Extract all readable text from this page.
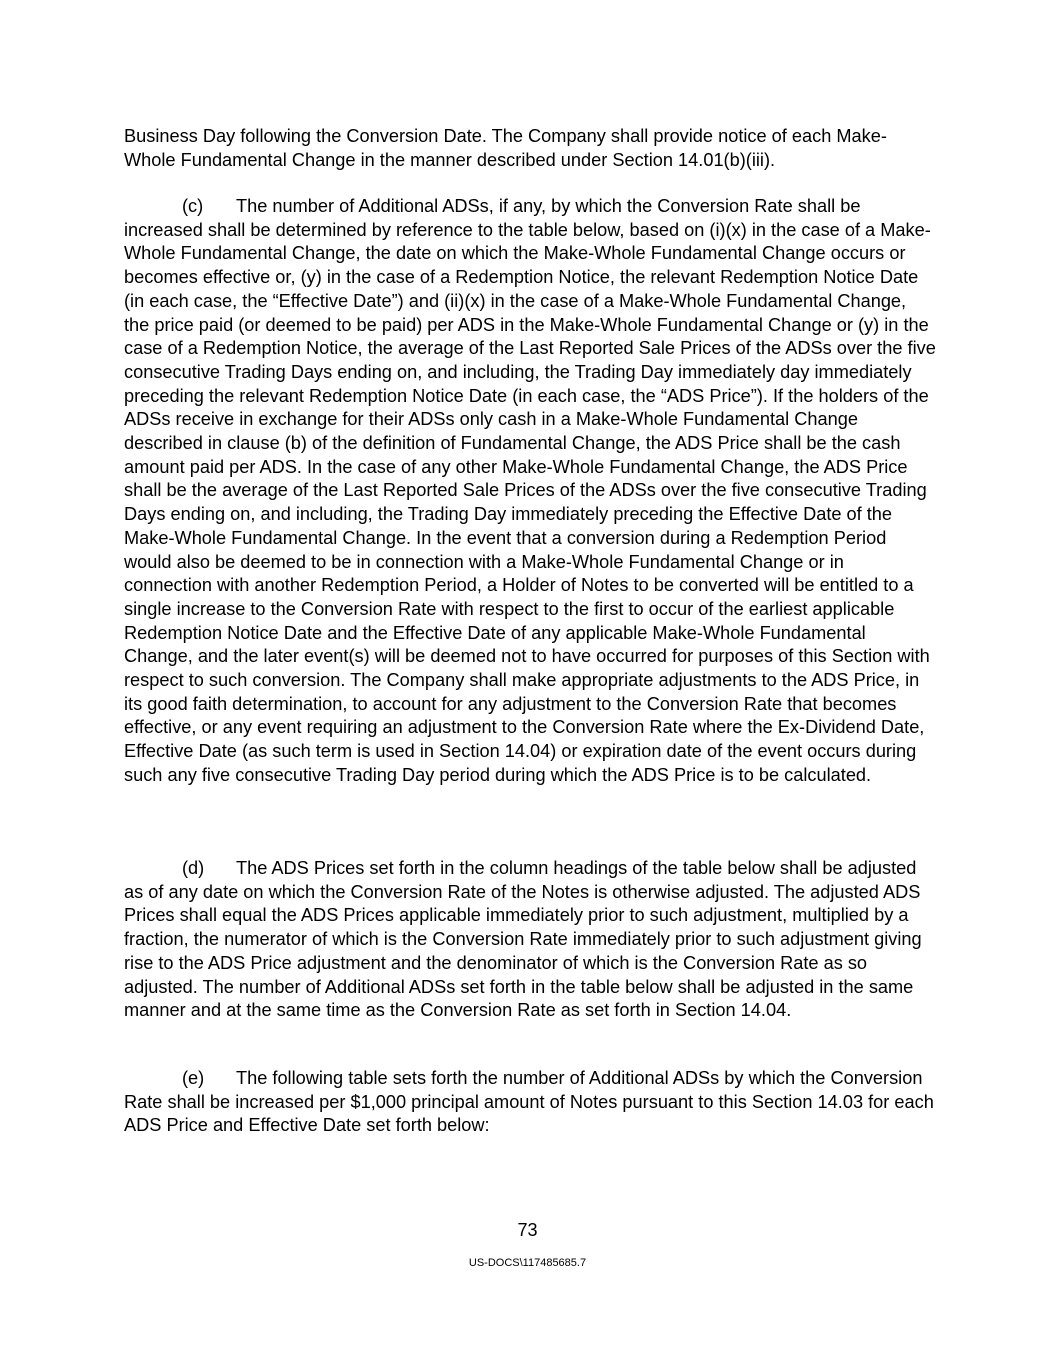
Business Day following the Conversion Date. The Company shall provide notice of each Make-Whole Fundamental Change in the manner described under Section 14.01(b)(iii).
(c) The number of Additional ADSs, if any, by which the Conversion Rate shall be increased shall be determined by reference to the table below, based on (i)(x) in the case of a Make-Whole Fundamental Change, the date on which the Make-Whole Fundamental Change occurs or becomes effective or, (y) in the case of a Redemption Notice, the relevant Redemption Notice Date (in each case, the “Effective Date”) and (ii)(x) in the case of a Make-Whole Fundamental Change, the price paid (or deemed to be paid) per ADS in the Make-Whole Fundamental Change or (y) in the case of a Redemption Notice, the average of the Last Reported Sale Prices of the ADSs over the five consecutive Trading Days ending on, and including, the Trading Day immediately day immediately preceding the relevant Redemption Notice Date (in each case, the “ADS Price”). If the holders of the ADSs receive in exchange for their ADSs only cash in a Make-Whole Fundamental Change described in clause (b) of the definition of Fundamental Change, the ADS Price shall be the cash amount paid per ADS. In the case of any other Make-Whole Fundamental Change, the ADS Price shall be the average of the Last Reported Sale Prices of the ADSs over the five consecutive Trading Days ending on, and including, the Trading Day immediately preceding the Effective Date of the Make-Whole Fundamental Change. In the event that a conversion during a Redemption Period would also be deemed to be in connection with a Make-Whole Fundamental Change or in connection with another Redemption Period, a Holder of Notes to be converted will be entitled to a single increase to the Conversion Rate with respect to the first to occur of the earliest applicable Redemption Notice Date and the Effective Date of any applicable Make-Whole Fundamental Change, and the later event(s) will be deemed not to have occurred for purposes of this Section with respect to such conversion. The Company shall make appropriate adjustments to the ADS Price, in its good faith determination, to account for any adjustment to the Conversion Rate that becomes effective, or any event requiring an adjustment to the Conversion Rate where the Ex-Dividend Date, Effective Date (as such term is used in Section 14.04) or expiration date of the event occurs during such any five consecutive Trading Day period during which the ADS Price is to be calculated.
(d) The ADS Prices set forth in the column headings of the table below shall be adjusted as of any date on which the Conversion Rate of the Notes is otherwise adjusted. The adjusted ADS Prices shall equal the ADS Prices applicable immediately prior to such adjustment, multiplied by a fraction, the numerator of which is the Conversion Rate immediately prior to such adjustment giving rise to the ADS Price adjustment and the denominator of which is the Conversion Rate as so adjusted. The number of Additional ADSs set forth in the table below shall be adjusted in the same manner and at the same time as the Conversion Rate as set forth in Section 14.04.
(e) The following table sets forth the number of Additional ADSs by which the Conversion Rate shall be increased per $1,000 principal amount of Notes pursuant to this Section 14.03 for each ADS Price and Effective Date set forth below:
73
US-DOCS\117485685.7
